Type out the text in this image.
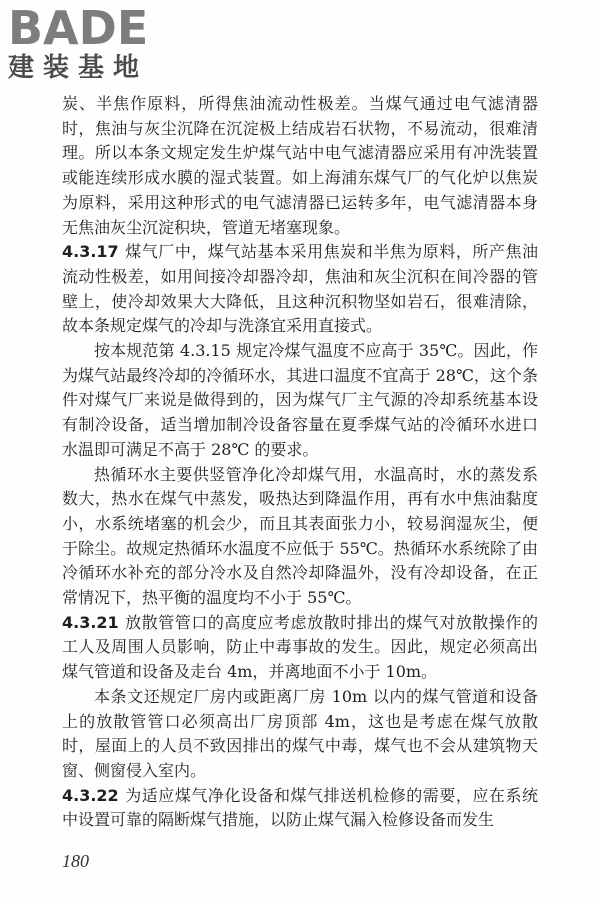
BADE
建装基地

炭、半焦作原料，所得焦油流动性极差。当煤气通过电气滤清器时，焦油与灰尘沉降在沉淀极上结成岩石状物，不易流动，很难清理。所以本条文规定发生炉煤气站中电气滤清器应采用有冲洗装置或能连续形成水膜的湿式装置。如上海浦东煤气厂的气化炉以焦炭为原料，采用这种形式的电气滤清器已运转多年，电气滤清器本身无焦油灰尘沉淀积块，管道无堵塞现象。

4.3.17 煤气厂中，煤气站基本采用焦炭和半焦为原料，所产焦油流动性极差，如用间接冷却器冷却，焦油和灰尘沉积在间冷器的管壁上，使冷却效果大大降低，且这种沉积物坚如岩石，很难清除，故本条规定煤气的冷却与洗涤宜采用直接式。

按本规范第 4.3.15 规定冷煤气温度不应高于 35℃。因此，作为煤气站最终冷却的冷循环水，其进口温度不宜高于 28℃，这个条件对煤气厂来说是做得到的，因为煤气厂主气源的冷却系统基本设有制冷设备，适当增加制冷设备容量在夏季煤气站的冷循环水进口水温即可满足不高于 28℃ 的要求。

热循环水主要供竖管净化冷却煤气用，水温高时，水的蒸发系数大，热水在煤气中蒸发，吸热达到降温作用，再有水中焦油黏度小，水系统堵塞的机会少，而且其表面张力小，较易润湿灰尘，便于除尘。故规定热循环水温度不应低于 55℃。热循环水系统除了由冷循环水补充的部分冷水及自然冷却降温外，没有冷却设备，在正常情况下，热平衡的温度均不小于 55℃。

4.3.21 放散管管口的高度应考虑放散时排出的煤气对放散操作的工人及周围人员影响，防止中毒事故的发生。因此，规定必须高出煤气管道和设备及走台 4m，并离地面不小于 10m。

本条文还规定厂房内或距离厂房 10m 以内的煤气管道和设备上的放散管管口必须高出厂房顶部 4m，这也是考虑在煤气放散时，屋面上的人员不致因排出的煤气中毒，煤气也不会从建筑物天窗、侧窗侵入室内。

4.3.22 为适应煤气净化设备和煤气排送机检修的需要，应在系统中设置可靠的隔断煤气措施，以防止煤气漏入检修设备而发生

180
